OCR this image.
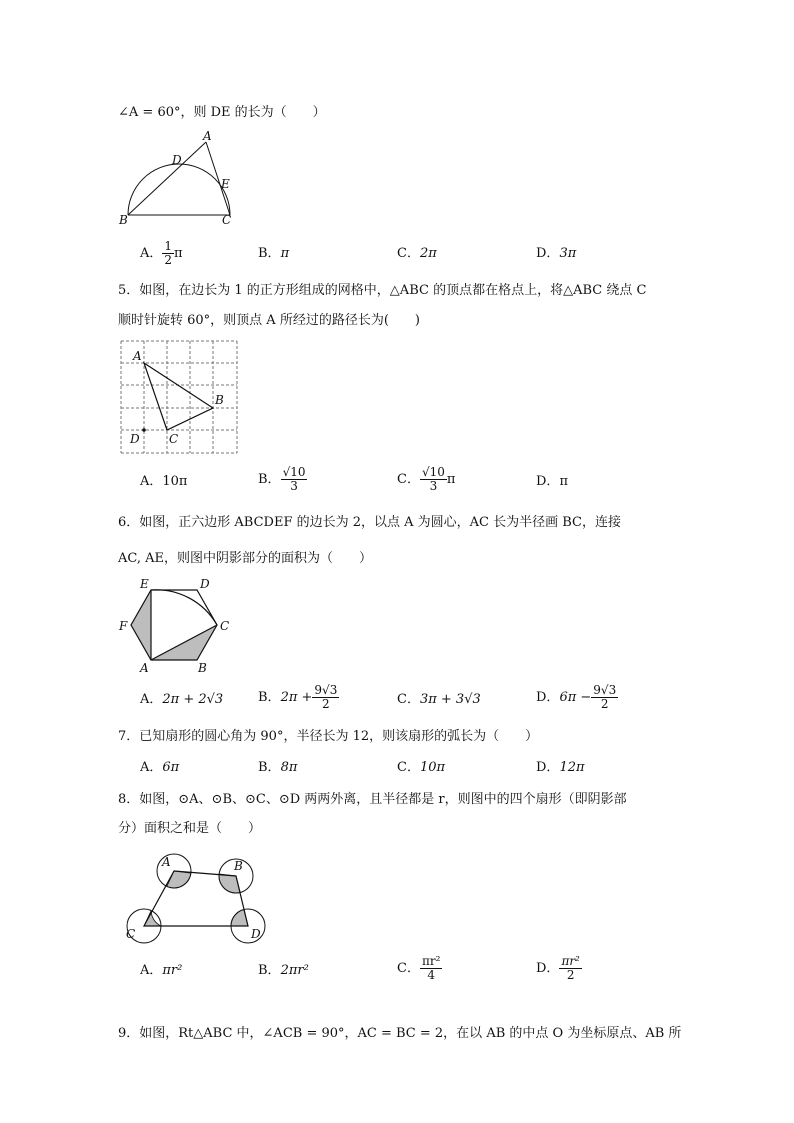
∠A = 60°，则 DE 的长为（　　）
A
B	C
D
E
A． $\frac{1}{2}$ π	B．π	C．2π	D．3π
5．如图，在边长为 1 的正方形组成的网格中，△ABC 的顶点都在格点上，将△ABC 绕点 C
顺时针旋转 60°，则顶点 A 所经过的路径长为(　　)
A
B
C
D
A．10π	B． $\frac{√10}{3}$	C． $\frac{√10}{3}$ π	D．π
6．如图，正六边形 ABCDEF 的边长为 2，以点 A 为圆心，AC 长为半径画 BC，连接
AC, AE，则图中阴影部分的面积为（　　）
A	B
C
D
E
F
A．2π + 2√3	B．$2\pi + \frac{9√3}{2}$	C．3π + 3√3	D．$6\pi - \frac{9√3}{2}$
7．已知扇形的圆心角为 90°，半径长为 12，则该扇形的弧长为（　　）
A．6π	B．8π	C．10π	D．12π
8．如图，⊙A、⊙B、⊙C、⊙D 两两外离，且半径都是 r，则图中的四个扇形（即阴影部
分）面积之和是（　　）
A	B
C	D
A．πr²	B．2πr²	C． $\frac{\text{πr²}}{4}$	D． $\frac{\text{πr²}}{2}$
9．如图，Rt△ABC 中，∠ACB = 90°，AC = BC = 2，在以 AB 的中点 O 为坐标原点、AB 所
